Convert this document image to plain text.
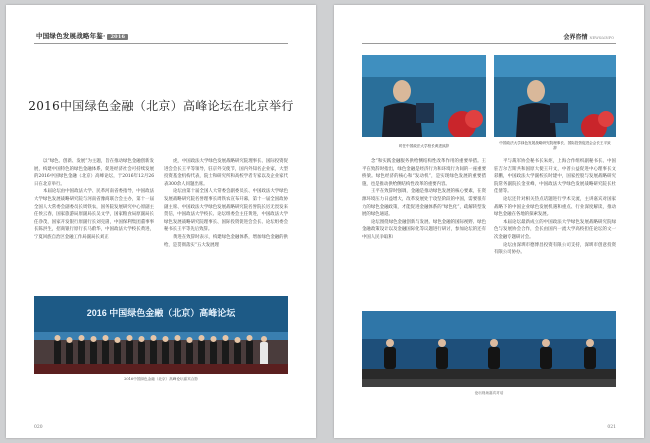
中国绿色发展战略年鉴· 2016
2016中国绿色金融（北京）高峰论坛在北京举行

以“绿色、创新、发展”为主题，旨在推动绿色金融创新发展，构建中国特色的绿色金融体系，促进经济社会可持续发展的2016中国绿色金融（北京）高峰论坛，于2016年12月26日在北京举行。

本届论坛由中国政法大学、民革河南省委指导，中国政法大学绿色发展战略研究院与河南省豫商联合会主办，第十一届全国人大常委会副委员长周铁农，国务院发展研究中心原副主任侯云春，国家旅游局原副局长吴文学，国家粮食局原副局长任净茂，国家开发银行原副行长刘克崮，中国保利集团董事事长陈洪生，招商银行原行长马蔚华，中国政法大学校长黄进，宁夏回族自治区金融工作局副局长刘正

虎，中国政法大学绿色发展战略研究院理事长、国际投资促进会会长王平等领导，驻京外交使节，国内外知名企业家，大型投资基金机构代表，院士和研究所和高校学者专家以及企业家代表300余人同题出席。

论坛由第十届全国人大常委会副委员长、中国政法大学绿色发展战略研究院名誉理事长周铁农宣布开幕，第十一届全国政协副主席、中国政法大学绿色发展战略研究院名誉院长厉无畏发来贺信，中国政法大学校长、论坛组委会主任黄进，中国政法大学绿色发展战略研究院理事长、国际投资促进会会长、论坛组委会秘书长王平等先后致辞。

黄进在致辞时表示，构建绿色金融体系，增加绿色金融的供给，是贯彻落实“五大发展理

2016 中国绿色金融（北京）高峰论坛
2016中国绿色金融（北京）高峰论坛嘉宾合影
020
会界咨情 NEWS&INFO
时任中国政法大学校长黄进致辞
中国政法大学绿色发展战略研究院理事长、国际投资促进会会长王平致辞

念”和实践金融服务供给侧结构性改革作用的重要举措。王平在致辞时指出，绿色金融是经济行为和环境行为间的一座重要桥梁。绿色经济的核心和“发动机”，是实现绿色发展的重要措施，也是推动供给侧结构性改革的重要内容。

王平在致辞时强调，金融是推动绿色发展的核心要素，在资源环境压力日益增大，改革发展处于攻坚阶段的中国，需要很有力的绿色金融政策，才能促进金融体系的“绿色化”，疏解转型发展的绿色通道。

论坛围绕绿色金融创新与发展、绿色金融的国际视野、绿色金融政策设计以及金融国际化等议题进行研讨，参加论坛的还有中国人民争取和

平与裁军协会秘书长朱炬，上海合作组织副秘书长、中国驻吉尔吉斯共和国原大使王开文，中普公益促进中心理事长文彩鹏，中国政法大学副校长时建中，国家控股与发展战略研究院常务副院长金亚峰，中国政法大学绿色发展战略研究院长杜佳倩等。

论坛还针对相关热点话题进行学术交流，主讲嘉宾对国家战略下的中国企业绿色发展机遇和重点、行业深度解读，推动绿色金融在各地的探索发展。

本届论坛最新成立的中国政法大学绿色发展战略研究院绿色与发展协会合作，会长由国内一流大学高校担任论坛的文一次金融专题研讨会。

论坛由深圳市德博昌投资有限公司支持，深圳市创意投资有限公司协办。

论坛现场嘉宾对话
021
